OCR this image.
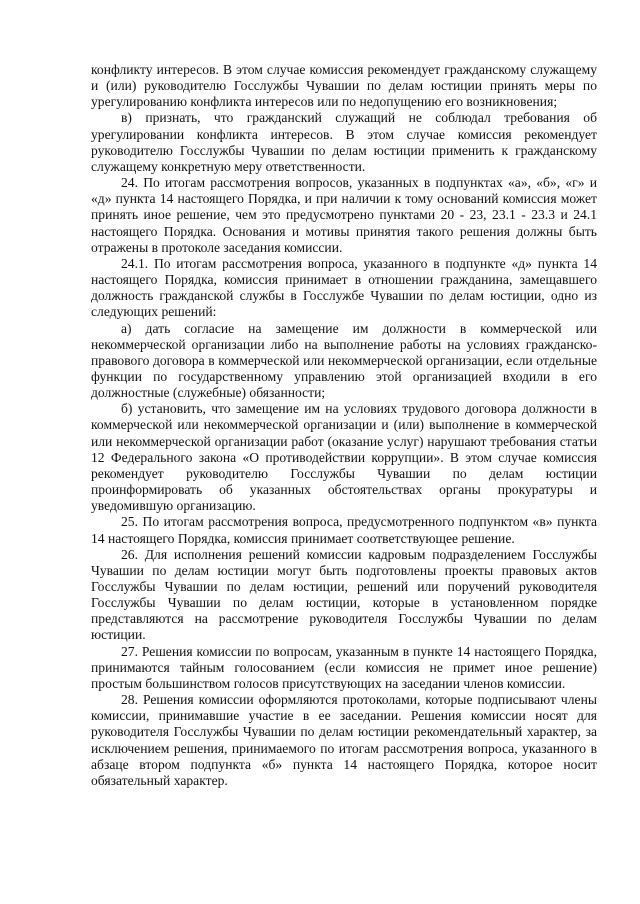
конфликту интересов. В этом случае комиссия рекомендует гражданскому служащему и (или) руководителю Госслужбы Чувашии по делам юстиции принять меры по урегулированию конфликта интересов или по недопущению его возникновения;

в) признать, что гражданский служащий не соблюдал требования об урегулировании конфликта интересов. В этом случае комиссия рекомендует руководителю Госслужбы Чувашии по делам юстиции применить к гражданскому служащему конкретную меру ответственности.

24. По итогам рассмотрения вопросов, указанных в подпунктах «а», «б», «г» и «д» пункта 14 настоящего Порядка, и при наличии к тому оснований комиссия может принять иное решение, чем это предусмотрено пунктами 20 - 23, 23.1 - 23.3 и 24.1 настоящего Порядка. Основания и мотивы принятия такого решения должны быть отражены в протоколе заседания комиссии.

24.1. По итогам рассмотрения вопроса, указанного в подпункте «д» пункта 14 настоящего Порядка, комиссия принимает в отношении гражданина, замещавшего должность гражданской службы в Госслужбе Чувашии по делам юстиции, одно из следующих решений:

а) дать согласие на замещение им должности в коммерческой или некоммерческой организации либо на выполнение работы на условиях гражданско-правового договора в коммерческой или некоммерческой организации, если отдельные функции по государственному управлению этой организацией входили в его должностные (служебные) обязанности;

б) установить, что замещение им на условиях трудового договора должности в коммерческой или некоммерческой организации и (или) выполнение в коммерческой или некоммерческой организации работ (оказание услуг) нарушают требования статьи 12 Федерального закона «О противодействии коррупции». В этом случае комиссия рекомендует руководителю Госслужбы Чувашии по делам юстиции проинформировать об указанных обстоятельствах органы прокуратуры и уведомившую организацию.

25. По итогам рассмотрения вопроса, предусмотренного подпунктом «в» пункта 14 настоящего Порядка, комиссия принимает соответствующее решение.

26. Для исполнения решений комиссии кадровым подразделением Госслужбы Чувашии по делам юстиции могут быть подготовлены проекты правовых актов Госслужбы Чувашии по делам юстиции, решений или поручений руководителя Госслужбы Чувашии по делам юстиции, которые в установленном порядке представляются на рассмотрение руководителя Госслужбы Чувашии по делам юстиции.

27. Решения комиссии по вопросам, указанным в пункте 14 настоящего Порядка, принимаются тайным голосованием (если комиссия не примет иное решение) простым большинством голосов присутствующих на заседании членов комиссии.

28. Решения комиссии оформляются протоколами, которые подписывают члены комиссии, принимавшие участие в ее заседании. Решения комиссии носят для руководителя Госслужбы Чувашии по делам юстиции рекомендательный характер, за исключением решения, принимаемого по итогам рассмотрения вопроса, указанного в абзаце втором подпункта «б» пункта 14 настоящего Порядка, которое носит обязательный характер.
